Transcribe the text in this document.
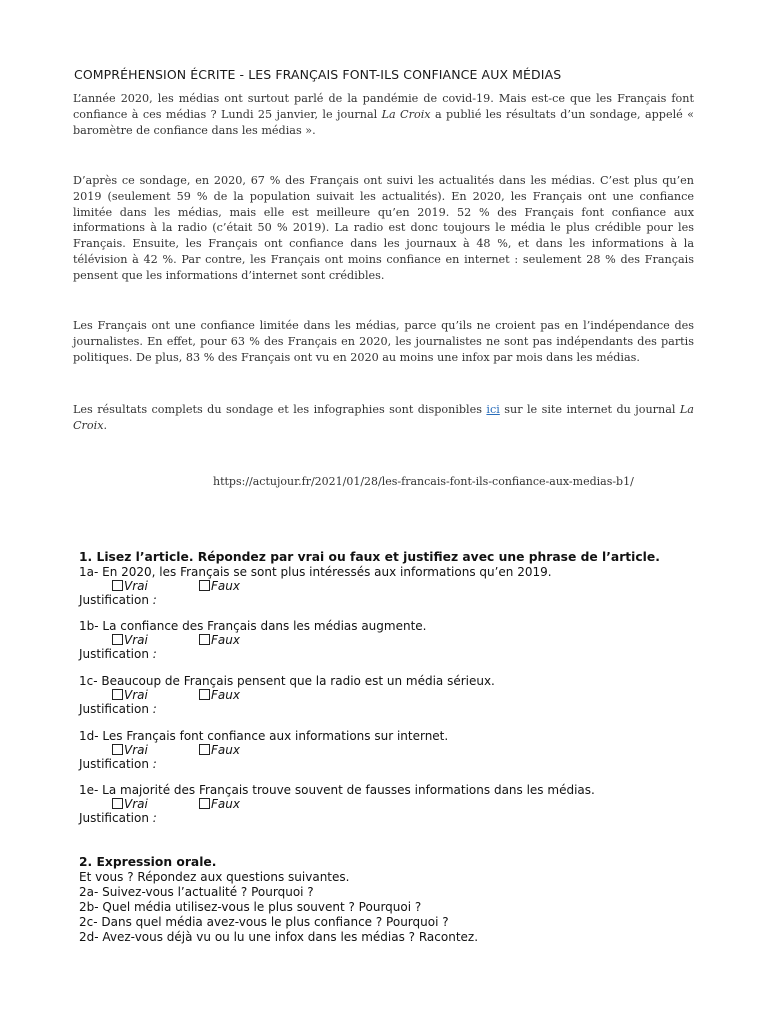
COMPRÉHENSION ÉCRITE - LES FRANÇAIS FONT-ILS CONFIANCE AUX MÉDIAS

L’année 2020, les médias ont surtout parlé de la pandémie de covid-19. Mais est-ce que les Français font confiance à ces médias ? Lundi 25 janvier, le journal La Croix a publié les résultats d’un sondage, appelé « baromètre de confiance dans les médias ».

D’après ce sondage, en 2020, 67 % des Français ont suivi les actualités dans les médias. C’est plus qu’en 2019 (seulement 59 % de la population suivait les actualités). En 2020, les Français ont une confiance limitée dans les médias, mais elle est meilleure qu’en 2019. 52 % des Français font confiance aux informations à la radio (c’était 50 % 2019). La radio est donc toujours le média le plus crédible pour les Français. Ensuite, les Français ont confiance dans les journaux à 48 %, et dans les informations à la télévision à 42 %. Par contre, les Français ont moins confiance en internet : seulement 28 % des Français pensent que les informations d’internet sont crédibles.

Les Français ont une confiance limitée dans les médias, parce qu’ils ne croient pas en l’indépendance des journalistes. En effet, pour 63 % des Français en 2020, les journalistes ne sont pas indépendants des partis politiques. De plus, 83 % des Français ont vu en 2020 au moins une infox par mois dans les médias.

Les résultats complets du sondage et les infographies sont disponibles ici sur le site internet du journal La Croix.

https://actujour.fr/2021/01/28/les-francais-font-ils-confiance-aux-medias-b1/
1. Lisez l’article. Répondez par vrai ou faux et justifiez avec une phrase de l’article.
1a- En 2020, les Français se sont plus intéressés aux informations qu’en 2019.
Vrai	Faux
Justification :
1b- La confiance des Français dans les médias augmente.
Vrai	Faux
Justification :
1c- Beaucoup de Français pensent que la radio est un média sérieux.
Vrai	Faux
Justification :
1d- Les Français font confiance aux informations sur internet.
Vrai	Faux
Justification :
1e- La majorité des Français trouve souvent de fausses informations dans les médias.
Vrai	Faux
Justification :
2. Expression orale.
Et vous ? Répondez aux questions suivantes.
2a- Suivez-vous l’actualité ? Pourquoi ?
2b- Quel média utilisez-vous le plus souvent ? Pourquoi ?
2c- Dans quel média avez-vous le plus confiance ? Pourquoi ?
2d- Avez-vous déjà vu ou lu une infox dans les médias ? Racontez.
